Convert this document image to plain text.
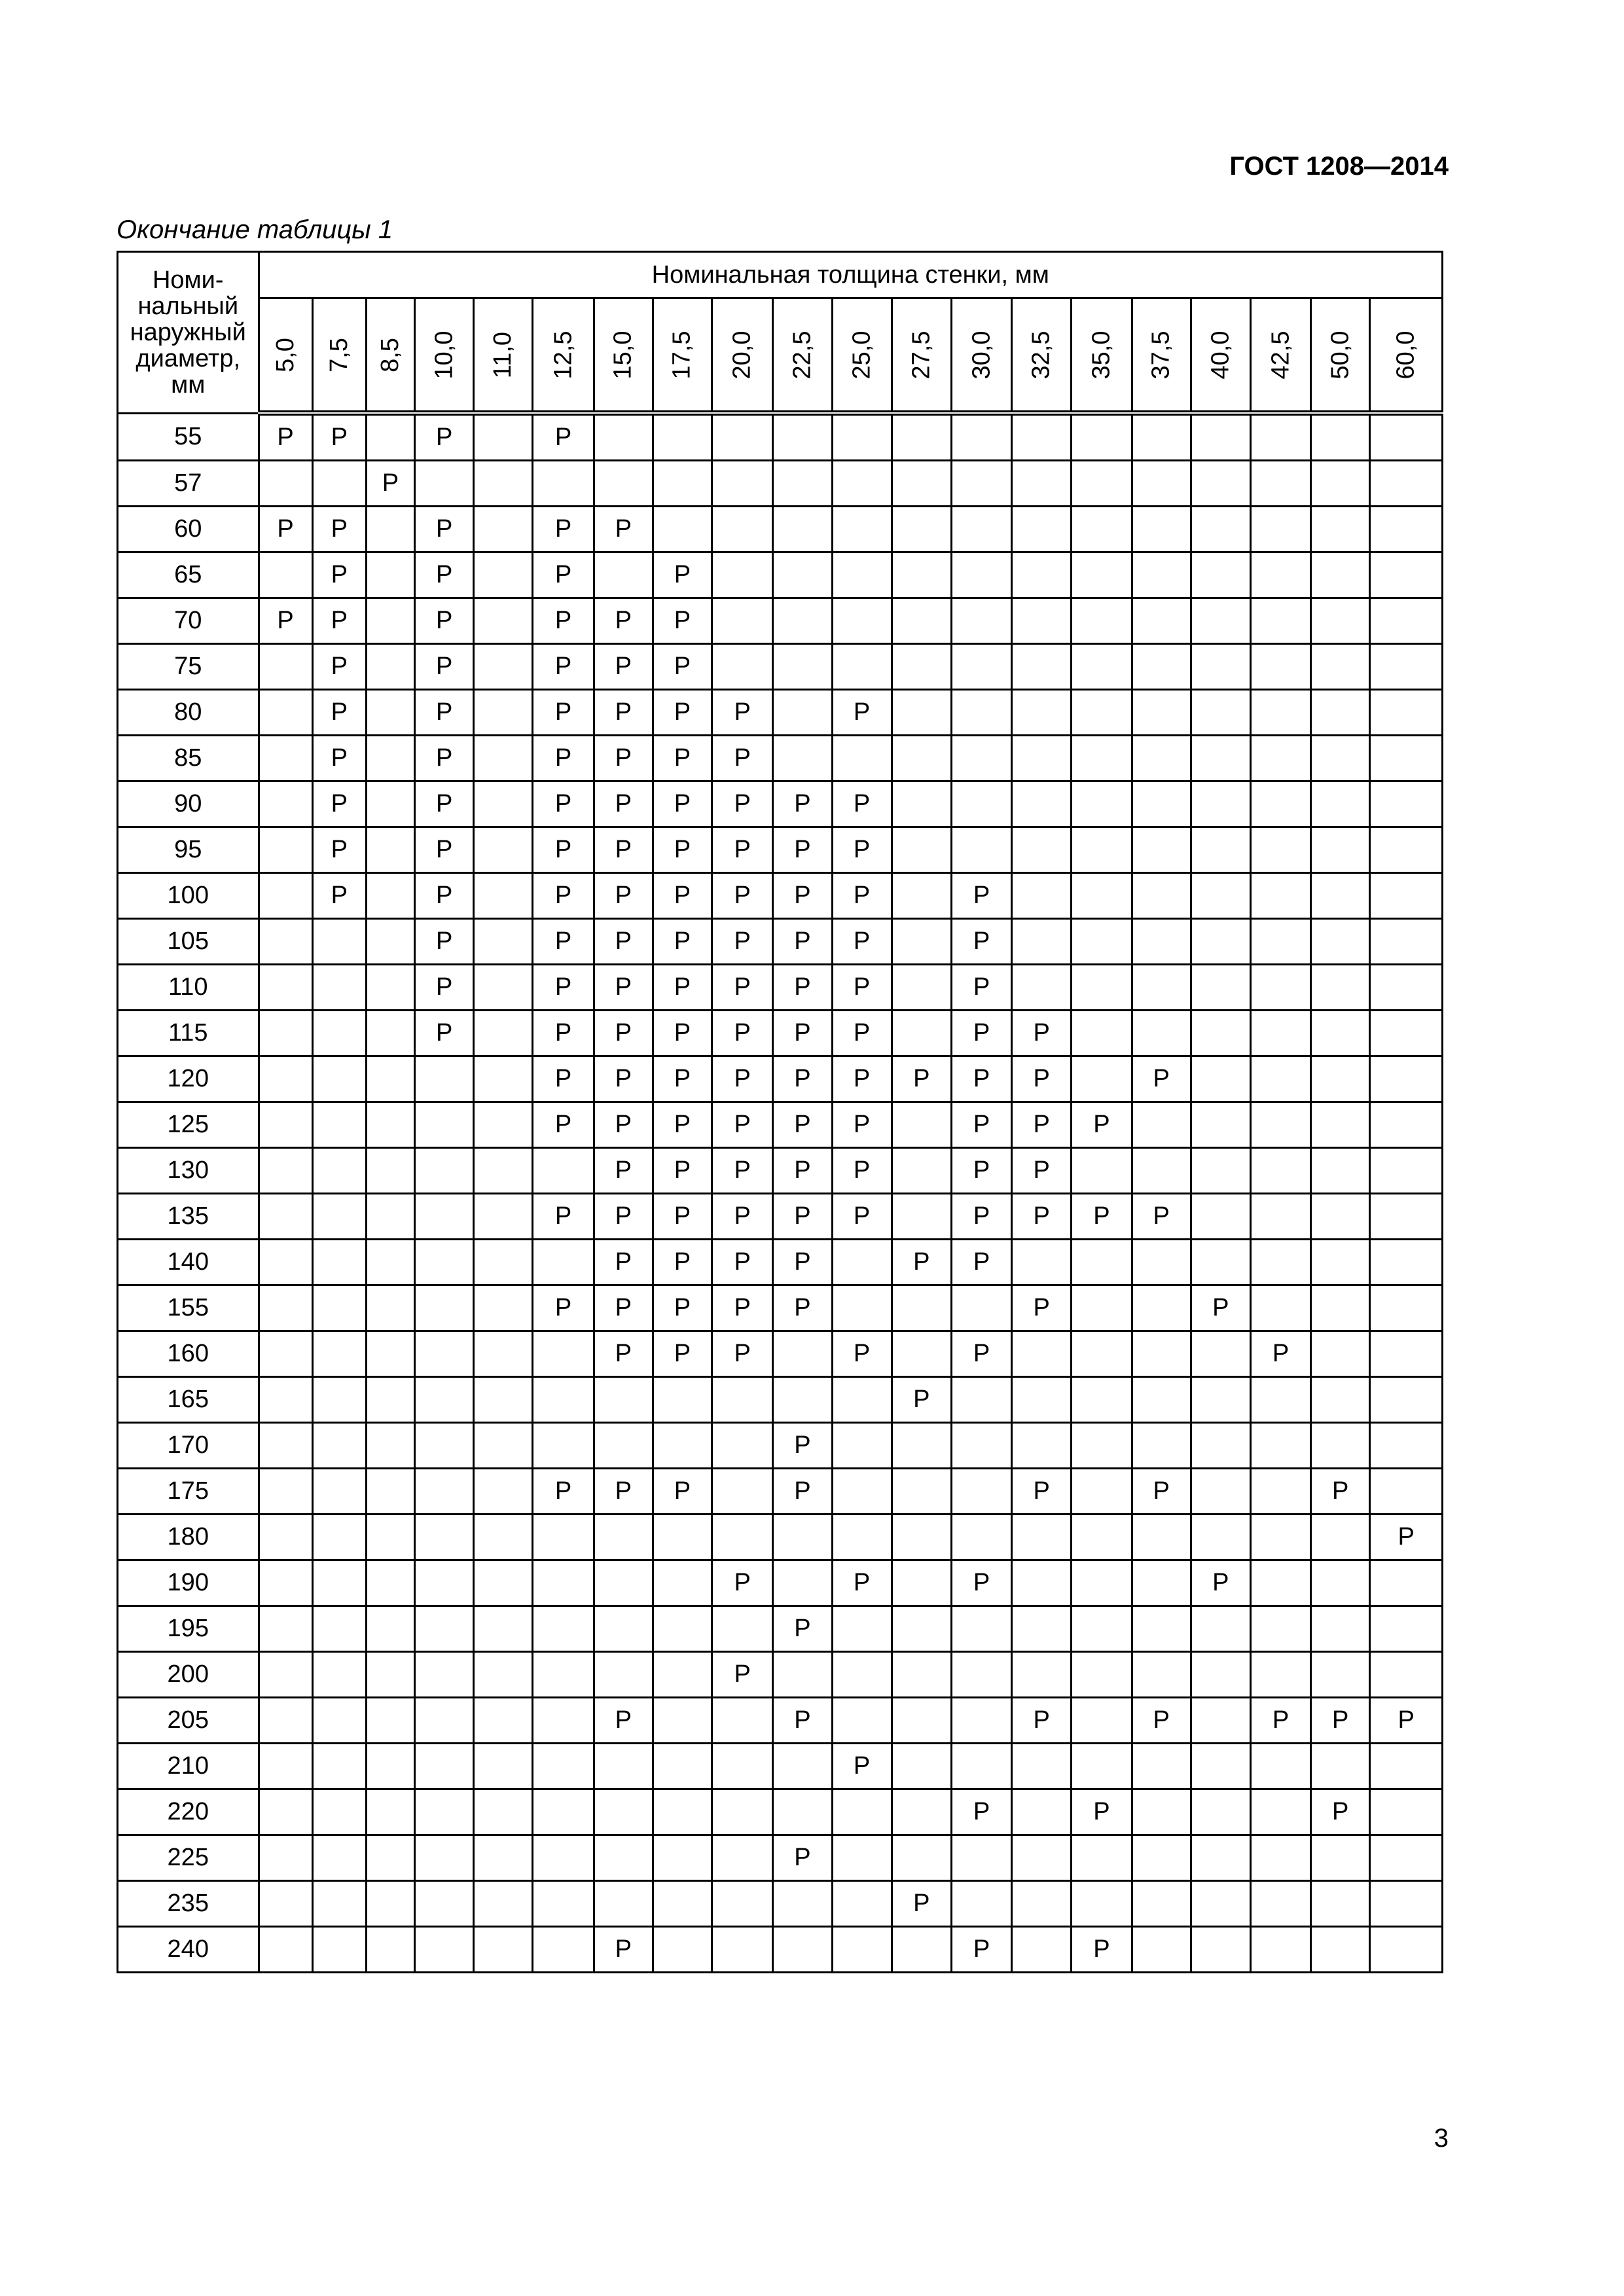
ГОСТ 1208—2014
Окончание таблицы 1
Номи-
нальный
наружный
диаметр,
мм	Номинальная толщина стенки, мм																			
	5,0	7,5	8,5	10,0	11,0	12,5	15,0	17,5	20,0	22,5	25,0	27,5	30,0	32,5	35,0	37,5	40,0	42,5	50,0	60,0
55	Р	Р		Р		Р														
57			Р																	
60	Р	Р		Р		Р	Р													
65		Р		Р		Р		Р												
70	Р	Р		Р		Р	Р	Р												
75		Р		Р		Р	Р	Р												
80		Р		Р		Р	Р	Р	Р		Р									
85		Р		Р		Р	Р	Р	Р											
90		Р		Р		Р	Р	Р	Р	Р	Р									
95		Р		Р		Р	Р	Р	Р	Р	Р									
100		Р		Р		Р	Р	Р	Р	Р	Р		Р							
105				Р		Р	Р	Р	Р	Р	Р		Р							
110				Р		Р	Р	Р	Р	Р	Р		Р							
115				Р		Р	Р	Р	Р	Р	Р		Р	Р						
120						Р	Р	Р	Р	Р	Р	Р	Р	Р		Р				
125						Р	Р	Р	Р	Р	Р		Р	Р	Р					
130							Р	Р	Р	Р	Р		Р	Р						
135						Р	Р	Р	Р	Р	Р		Р	Р	Р	Р				
140							Р	Р	Р	Р		Р	Р							
155						Р	Р	Р	Р	Р				Р			Р			
160							Р	Р	Р		Р		Р					Р		
165												Р								
170										Р										
175						Р	Р	Р		Р				Р		Р			Р	
180																				Р
190									Р		Р		Р				Р			
195										Р										
200									Р											
205							Р			Р				Р		Р		Р	Р	Р
210											Р									
220													Р		Р				Р	
225										Р										
235												Р								
240							Р						Р		Р					
3
